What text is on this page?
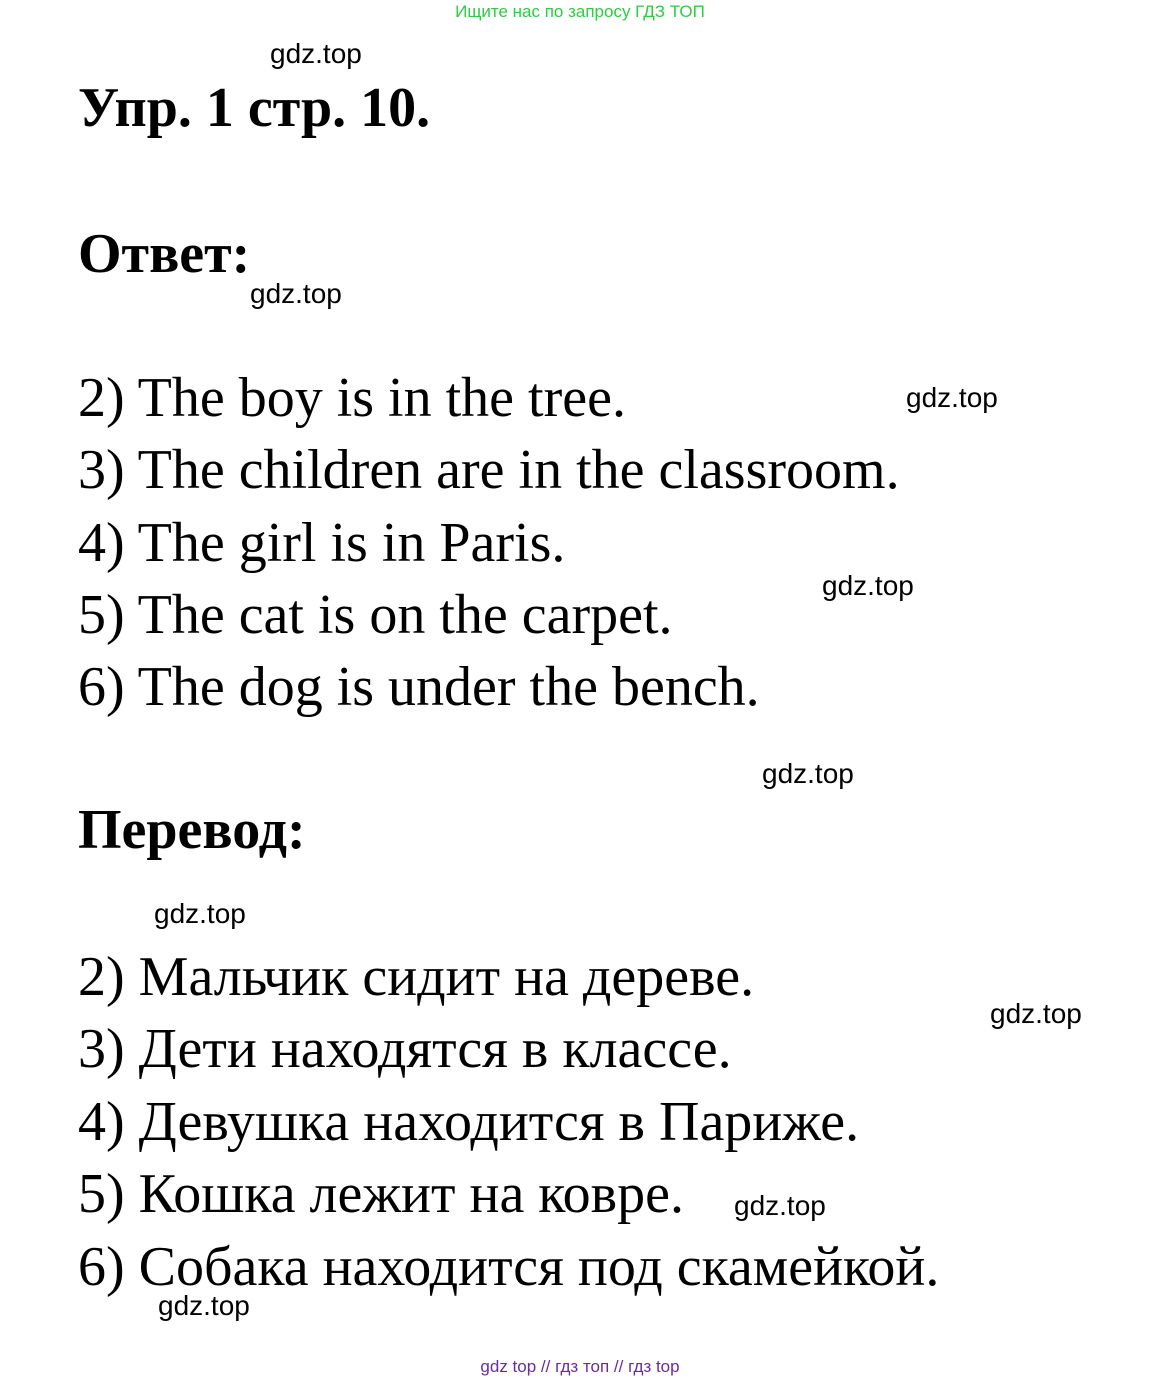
Ищите нас по запросу ГДЗ ТОП
gdz.top
Упр. 1 стр. 10.
Ответ:
gdz.top
2) The boy is in the tree.	gdz.top
3) The children are in the classroom.
4) The girl is in Paris.
5) The cat is on the carpet.	gdz.top
6) The dog is under the bench.
gdz.top
Перевод:
gdz.top
2) Мальчик сидит на дереве.
gdz.top
3) Дети находятся в классе.
4) Девушка находится в Париже.
5) Кошка лежит на ковре. gdz.top
6) Собака находится под скамейкой.
gdz.top
gdz top // гдз топ // гдз top
